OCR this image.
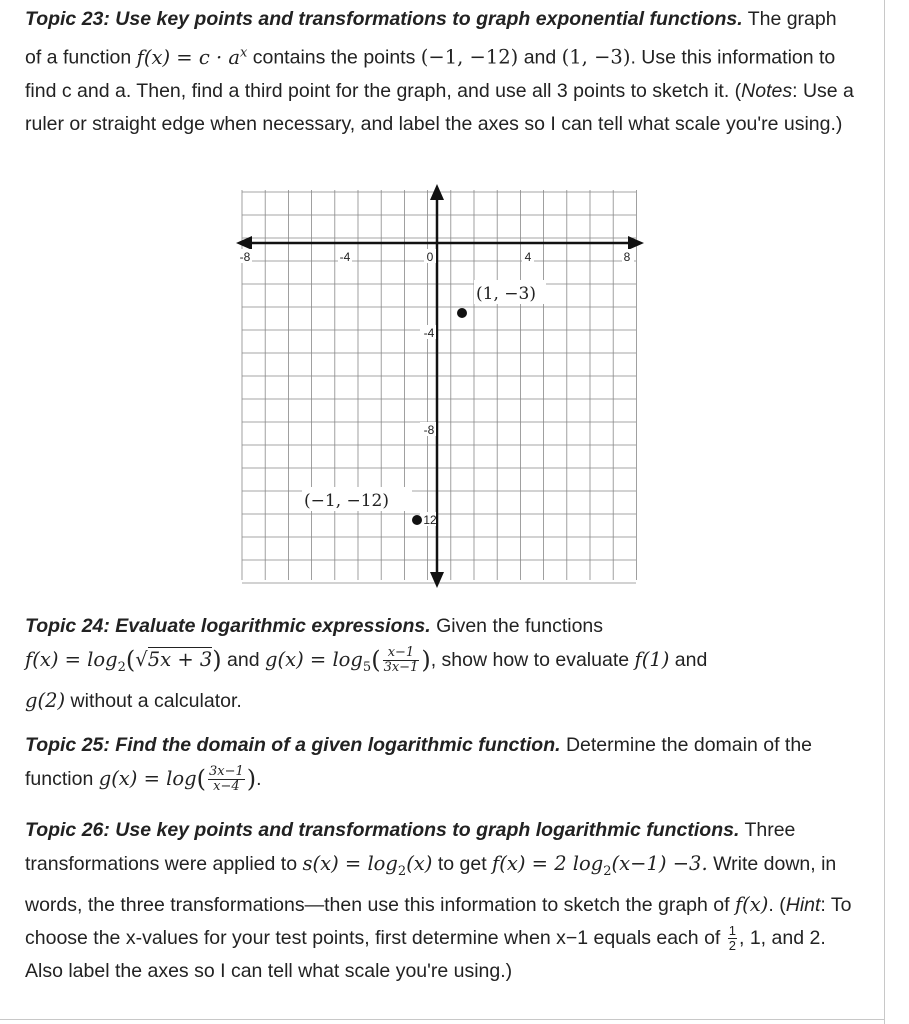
Topic 23: Use key points and transformations to graph exponential functions. The graph of a function $f(x) = c \cdot a^x$ contains the points (−1, −12) and (1, −3). Use this information to find c and a. Then, find a third point for the graph, and use all 3 points to sketch it. (Notes: Use a ruler or straight edge when necessary, and label the axes so I can tell what scale you're using.)

-8	-4	0	4	8
-4
-8
12
(1, −3)
(−1, −12)

Topic 24: Evaluate logarithmic expressions. Given the functions
$f(x) = \log_2(√5x + 3)$ and $g(x) = \log_5( \frac{x-1}{3x-1}$ ), show how to evaluate f(1) and
g(2) without a calculator.

Topic 25: Find the domain of a given logarithmic function. Determine the domain of the function $g(x) = \log( \frac{3x-1}{x-4}$ ).

Topic 26: Use key points and transformations to graph logarithmic functions. Three transformations were applied to $s(x) = \log_2(x)$ to get f(x) = 2 $\log_2(x-1) -3$. Write down, in words, the three transformations—then use this information to sketch the graph of f(x). (Hint: To choose the x-values for your test points, first determine when x−1 equals each of $\frac{1}{2}$ , 1, and 2. Also label the axes so I can tell what scale you're using.)
